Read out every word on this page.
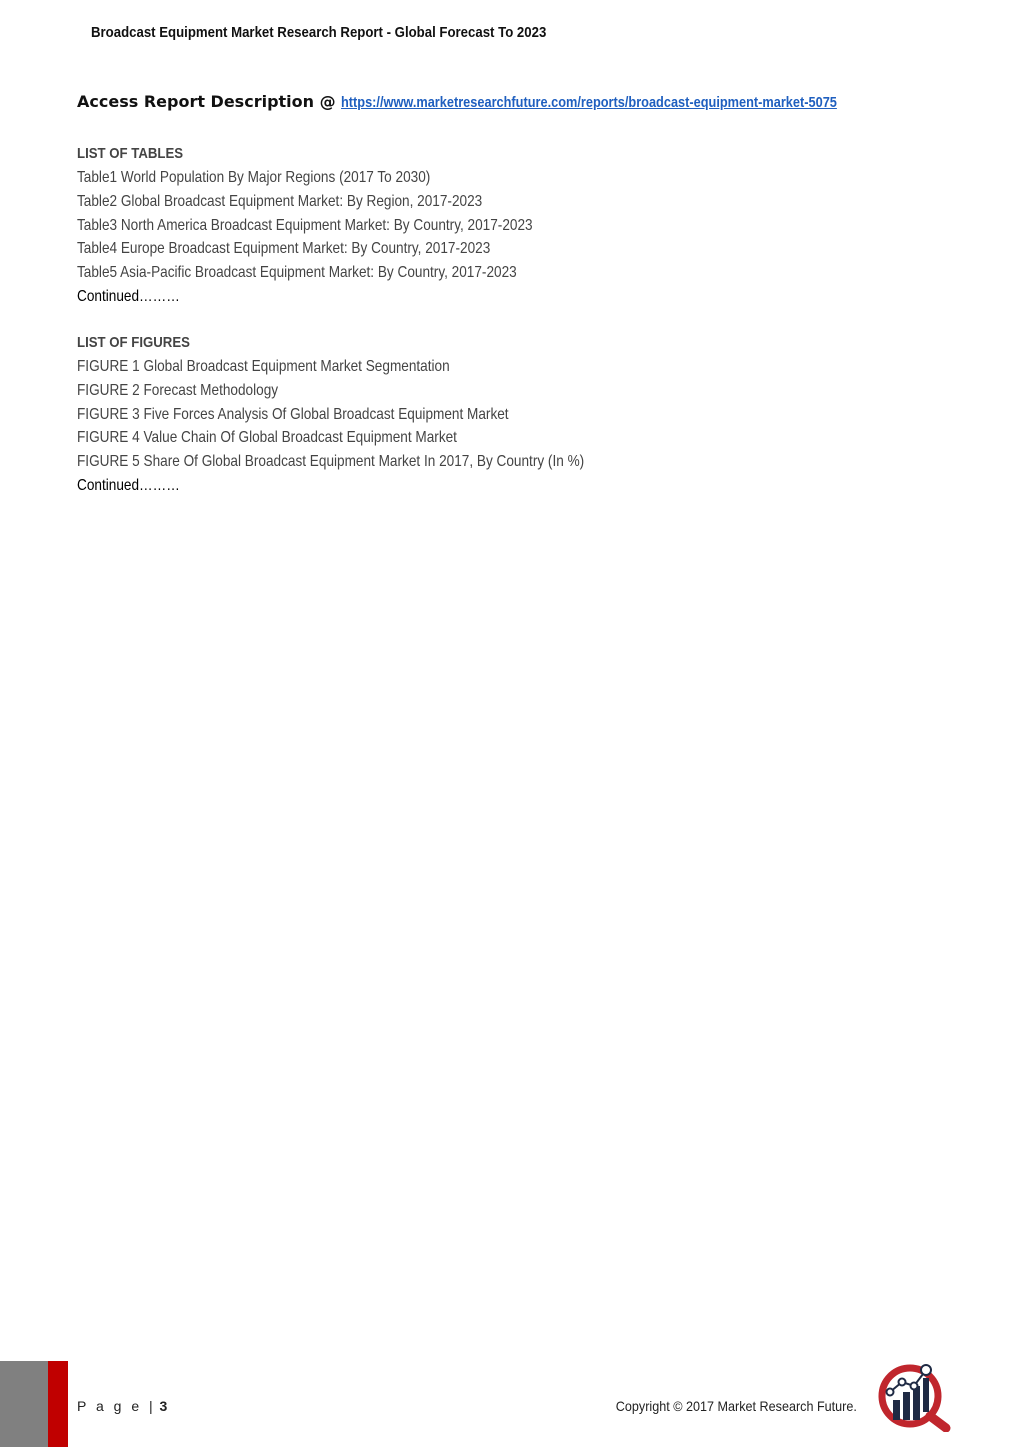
Broadcast Equipment Market Research Report - Global Forecast To 2023
Access Report Description @ https://www.marketresearchfuture.com/reports/broadcast-equipment-market-5075
LIST OF TABLES
Table1 World Population By Major Regions (2017 To 2030)
Table2 Global Broadcast Equipment Market: By Region, 2017-2023
Table3 North America Broadcast Equipment Market: By Country, 2017-2023
Table4 Europe Broadcast Equipment Market: By Country, 2017-2023
Table5 Asia-Pacific Broadcast Equipment Market: By Country, 2017-2023
Continued………
LIST OF FIGURES
FIGURE 1 Global Broadcast Equipment Market Segmentation
FIGURE 2 Forecast Methodology
FIGURE 3 Five Forces Analysis Of Global Broadcast Equipment Market
FIGURE 4 Value Chain Of Global Broadcast Equipment Market
FIGURE 5 Share Of Global Broadcast Equipment Market In 2017, By Country (In %)
Continued………
P a g e | 3	Copyright © 2017 Market Research Future.
